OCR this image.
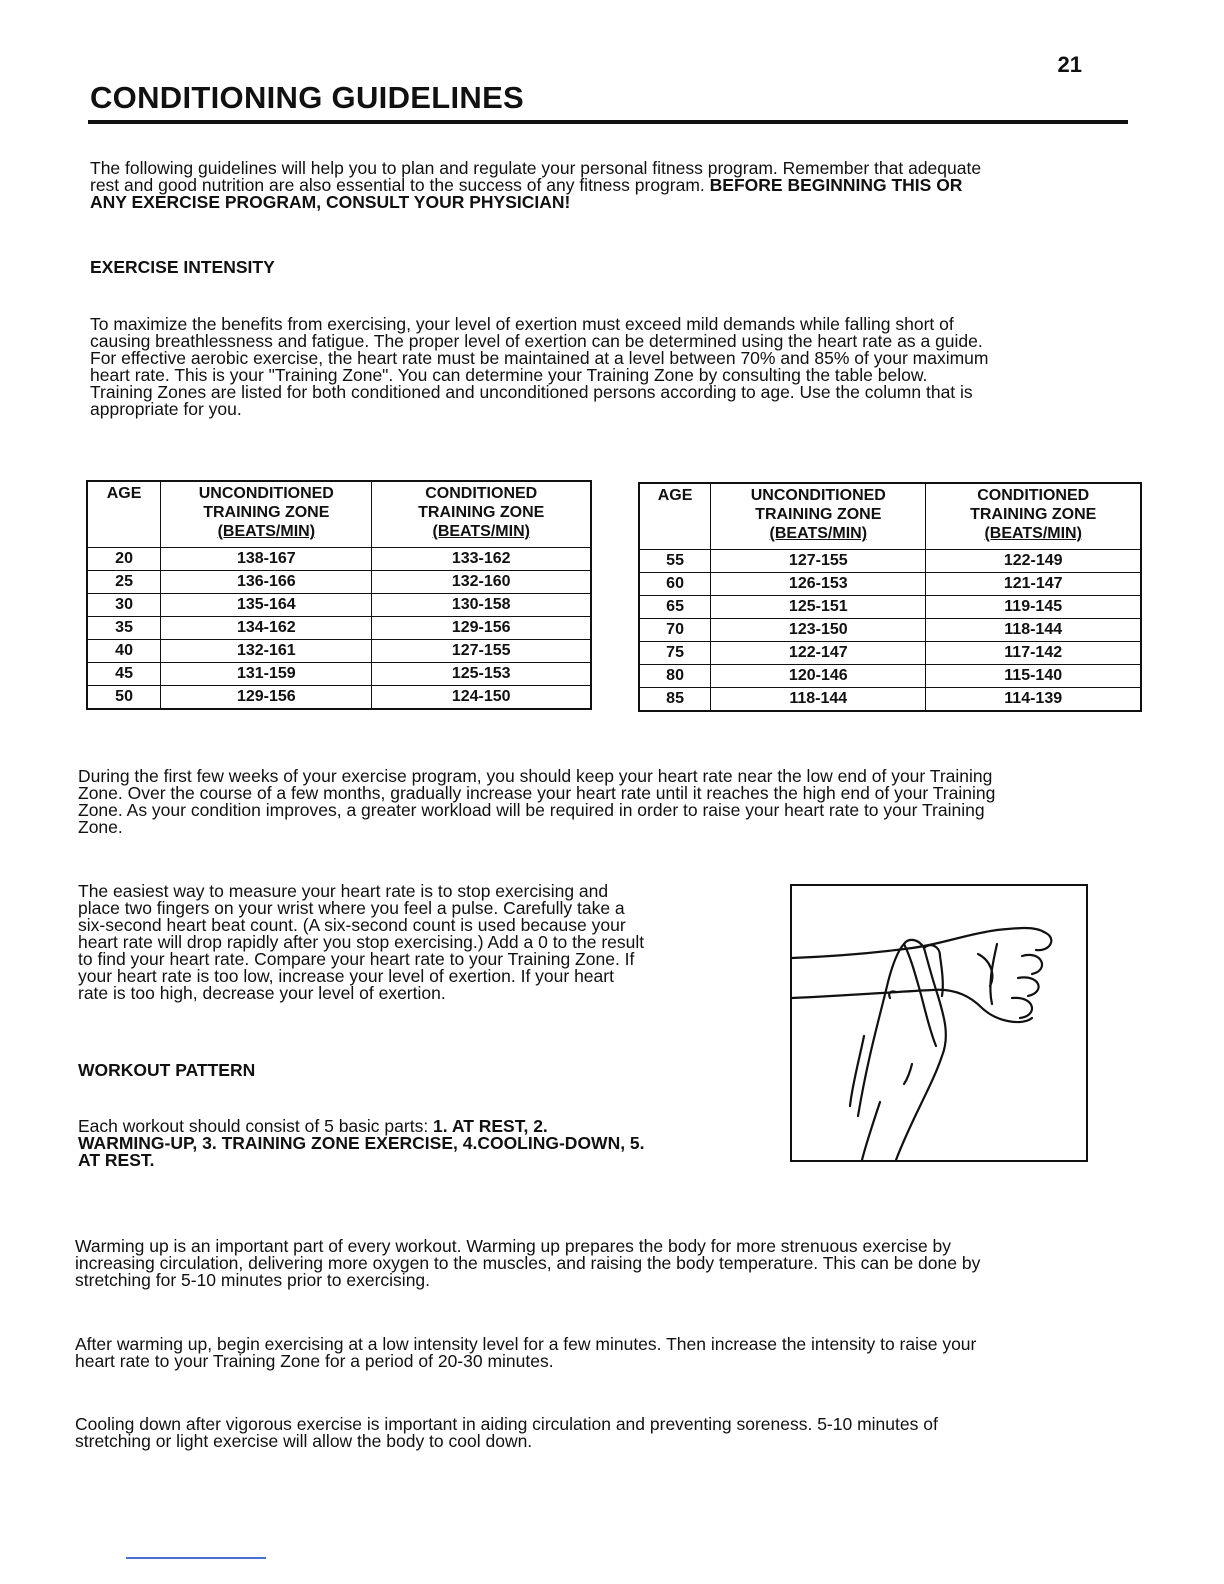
21
CONDITIONING GUIDELINES
The following guidelines will help you to plan and regulate your personal fitness program. Remember that adequate
rest and good nutrition are also essential to the success of any fitness program. BEFORE BEGINNING THIS OR
ANY EXERCISE PROGRAM, CONSULT YOUR PHYSICIAN!
EXERCISE INTENSITY
To maximize the benefits from exercising, your level of exertion must exceed mild demands while falling short of
causing breathlessness and fatigue. The proper level of exertion can be determined using the heart rate as a guide.
For effective aerobic exercise, the heart rate must be maintained at a level between 70% and 85% of your maximum
heart rate. This is your "Training Zone". You can determine your Training Zone by consulting the table below.
Training Zones are listed for both conditioned and unconditioned persons according to age. Use the column that is
appropriate for you.
AGE	UNCONDITIONED
TRAINING ZONE
(BEATS/MIN)	CONDITIONED
TRAINING ZONE
(BEATS/MIN)

20	138-167	133-162
25	136-166	132-160
30	135-164	130-158
35	134-162	129-156
40	132-161	127-155
45	131-159	125-153
50	129-156	124-150
AGE	UNCONDITIONED
TRAINING ZONE
(BEATS/MIN)	CONDITIONED
TRAINING ZONE
(BEATS/MIN)

55	127-155	122-149
60	126-153	121-147
65	125-151	119-145
70	123-150	118-144
75	122-147	117-142
80	120-146	115-140
85	118-144	114-139
During the first few weeks of your exercise program, you should keep your heart rate near the low end of your Training
Zone. Over the course of a few months, gradually increase your heart rate until it reaches the high end of your Training
Zone. As your condition improves, a greater workload will be required in order to raise your heart rate to your Training
Zone.
The easiest way to measure your heart rate is to stop exercising and
place two fingers on your wrist where you feel a pulse. Carefully take a
six-second heart beat count. (A six-second count is used because your
heart rate will drop rapidly after you stop exercising.) Add a 0 to the result
to find your heart rate. Compare your heart rate to your Training Zone. If
your heart rate is too low, increase your level of exertion. If your heart
rate is too high, decrease your level of exertion.
WORKOUT PATTERN
Each workout should consist of 5 basic parts: 1. AT REST, 2.
WARMING-UP, 3. TRAINING ZONE EXERCISE, 4.COOLING-DOWN, 5.
AT REST.
Warming up is an important part of every workout. Warming up prepares the body for more strenuous exercise by
increasing circulation, delivering more oxygen to the muscles, and raising the body temperature. This can be done by
stretching for 5-10 minutes prior to exercising.
After warming up, begin exercising at a low intensity level for a few minutes. Then increase the intensity to raise your
heart rate to your Training Zone for a period of 20-30 minutes.
Cooling down after vigorous exercise is important in aiding circulation and preventing soreness. 5-10 minutes of
stretching or light exercise will allow the body to cool down.
